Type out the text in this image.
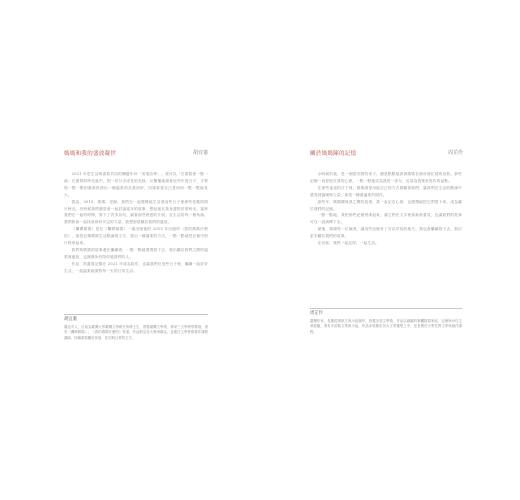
媽媽和我的盛放凝世	胡宜蓁

2021 年是生活與書寫共同的關鍵年份「美哉詩學」。我可以「在書寫裡一點一滴」在書寫的時光當中，把一切分享成長的光陰，反覆覆地讀著這些年的日子，才發現一點一點的重新拼湊出一種溫柔的自我剖析，回頭看看自己是如何一點一點地長大。

我說，2019，媽媽、老師，我們在一起慢慢地生活著這些日子裡那些老舊的照片時光。有時候我們還是會一起討論當年的故事，想起她在我身邊陪伴的時光。當時我們在一起的時間，寫下了許多詩句，讀著那些熟悉的片段；在生活的每一個角落，我們都會一起找尋那份安定的力量，我想那是屬於我們的盛放。

《攤開媽媽》是在《攤開媽媽》一書出版後的 2013 年出版的《我的媽媽什麼的》，那是記錄媽媽生活點滴的文字，寫出一種溫柔的方式，一點一點地把記憶中的片段串起來。

我們與媽媽的故事還在繼續著，一點一點地慢慢寫下去，寫出屬於我們之間的溫柔與盛放，也謝謝所有陪伴過我們的人。

作品，的書寫記錄在 2021 年成為寫作，也讓我們在這些日子裡，繼續一起好好生活，一起溫柔地面對每一天的日常生活。

胡宜蓁
臺北市人，目前為臺灣大學臺灣文學研究所博士生，曾獲臺灣文學獎、林榮三文學獎等獎項。著有《攤開媽媽》、《我的媽媽什麼的》等書，作品散見各大報章雜誌，並擔任文學營與寫作課程講師，持續書寫關於家庭、性別與日常的文字。
關於媽媽陳的記憶	周芷伶

小時候的我，是一個很安靜的孩子，總是默默地看著媽媽在廚房裡忙碌的身影。那些記憶一直停留在我的心裡，一點一點地成為我的一部分，也成為我後來寫作的起點。

在那些遙遠的日子裡，媽媽總是用她自己的方式照顧著我們，讓我們在生活的點滴中感受到溫暖與力量，那是一種最溫柔的陪伴。

那些年，媽媽陳與我之間的故事，我一直記在心裡，也慢慢地把它們寫下來，成為屬於我們的記憶。

一點一點地，我把那些記憶拼湊起來，讓它們在文字裡重新被看見，也讓我們的故事可以一直流傳下去。

最後，謝謝每一位讀者，讓這些記憶有了可以安放的地方。我也會繼續寫下去，寫出更多屬於我們的故事。

在這裡，我們一起記得，一起生活。

周芷伶
臺灣作家，長期從事散文與小說創作，曾獲多項文學獎，作品以細膩的筆觸描寫家庭、記憶與女性生命經驗。著有多部散文集與小說，作品亦收錄於各大文學選集之中，並長期於大學任教文學與創作課程。
